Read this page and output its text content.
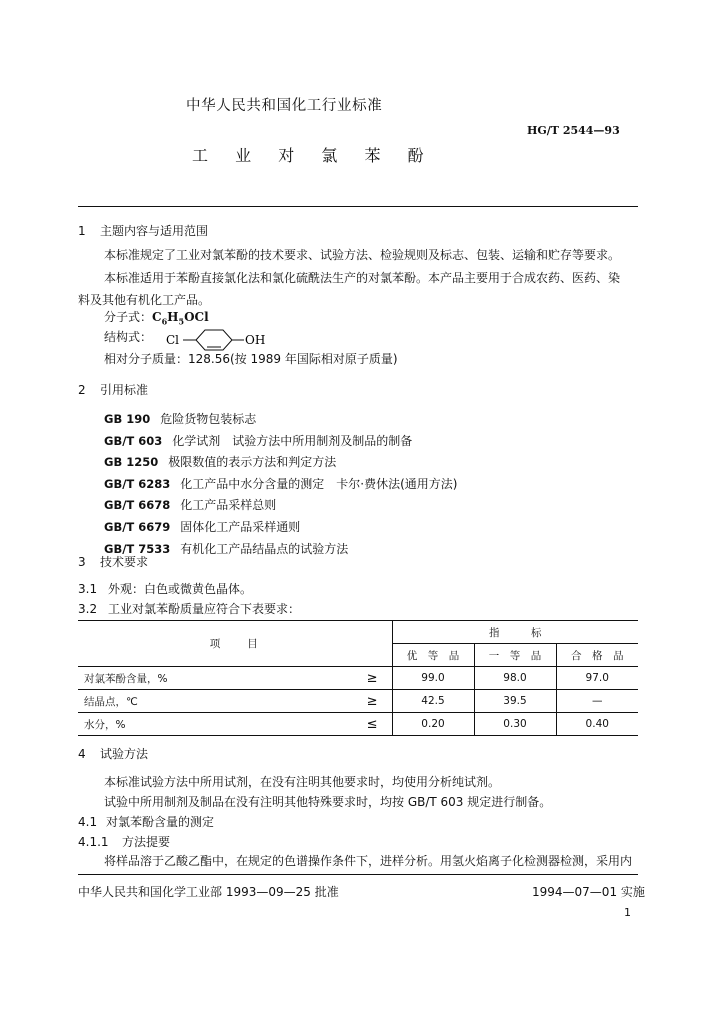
中华人民共和国化工行业标准
HG/T 2544—93
工 业 对 氯 苯 酚
1 主题内容与适用范围
本标准规定了工业对氯苯酚的技术要求、试验方法、检验规则及标志、包装、运输和贮存等要求。
本标准适用于苯酚直接氯化法和氯化硫酰法生产的对氯苯酚。本产品主要用于合成农药、医药、染
料及其他有机化工产品。
分子式：$C_6H_5OCl$
结构式： Cl	OH
相对分子质量：128.56(按 1989 年国际相对原子质量)
2 引用标准
GB 190 危险货物包装标志
GB/T 603 化学试剂　试验方法中所用制剂及制品的制备
GB 1250 极限数值的表示方法和判定方法
GB/T 6283 化工产品中水分含量的测定　卡尔·费休法(通用方法)
GB/T 6678 化工产品采样总则
GB/T 6679 固体化工产品采样通则
GB/T 7533 有机化工产品结晶点的试验方法
3 技术要求
3.1 外观：白色或微黄色晶体。
3.2 工业对氯苯酚质量应符合下表要求：
项　　目		指　　　标		
		优　等　品	一　等　品	合　格　品
对氯苯酚含量，%	≥	99.0	98.0	97.0
结晶点，℃	≥	42.5	39.5	—
水分，%	≤	0.20	0.30	0.40
4 试验方法
本标准试验方法中所用试剂，在没有注明其他要求时，均使用分析纯试剂。
试验中所用制剂及制品在没有注明其他特殊要求时，均按 GB/T 603 规定进行制备。
4.1 对氯苯酚含量的测定
4.1.1 方法提要
将样品溶于乙酸乙酯中，在规定的色谱操作条件下，进样分析。用氢火焰离子化检测器检测，采用内
中华人民共和国化学工业部 1993—09—25 批准	1994—07—01 实施
1
